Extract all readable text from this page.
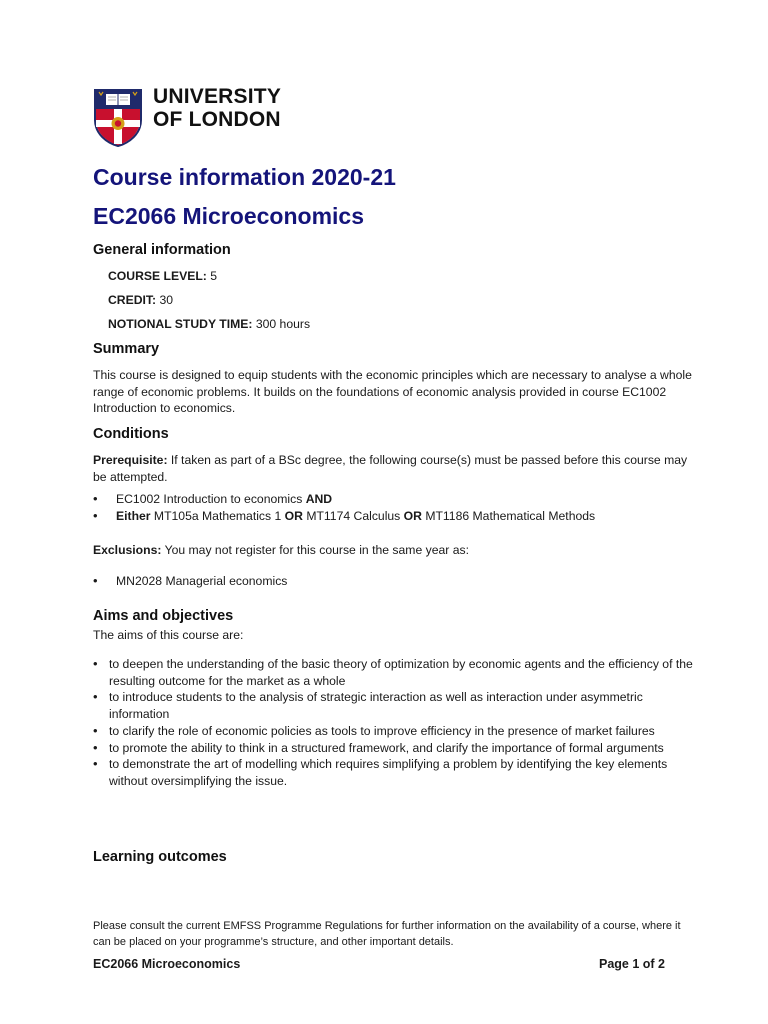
UNIVERSITY
OF LONDON
Course information 2020-21
EC2066 Microeconomics
General information

COURSE LEVEL: 5

CREDIT: 30

NOTIONAL STUDY TIME: 300 hours

Summary

This course is designed to equip students with the economic principles which are necessary to analyse a whole range of economic problems. It builds on the foundations of economic analysis provided in course EC1002 Introduction to economics.

Conditions

Prerequisite: If taken as part of a BSc degree, the following course(s) must be passed before this course may be attempted.

• EC1002 Introduction to economics AND
• Either MT105a Mathematics 1 OR MT1174 Calculus OR MT1186 Mathematical Methods

Exclusions: You may not register for this course in the same year as:

• MN2028 Managerial economics
Aims and objectives

The aims of this course are:

• to deepen the understanding of the basic theory of optimization by economic agents and the efficiency of the resulting outcome for the market as a whole
• to introduce students to the analysis of strategic interaction as well as interaction under asymmetric information
• to clarify the role of economic policies as tools to improve efficiency in the presence of market failures
• to promote the ability to think in a structured framework, and clarify the importance of formal arguments
• to demonstrate the art of modelling which requires simplifying a problem by identifying the key elements without oversimplifying the issue.
Learning outcomes

Please consult the current EMFSS Programme Regulations for further information on the availability of a course, where it can be placed on your programme’s structure, and other important details.

EC2066 Microeconomics	Page 1 of 2
